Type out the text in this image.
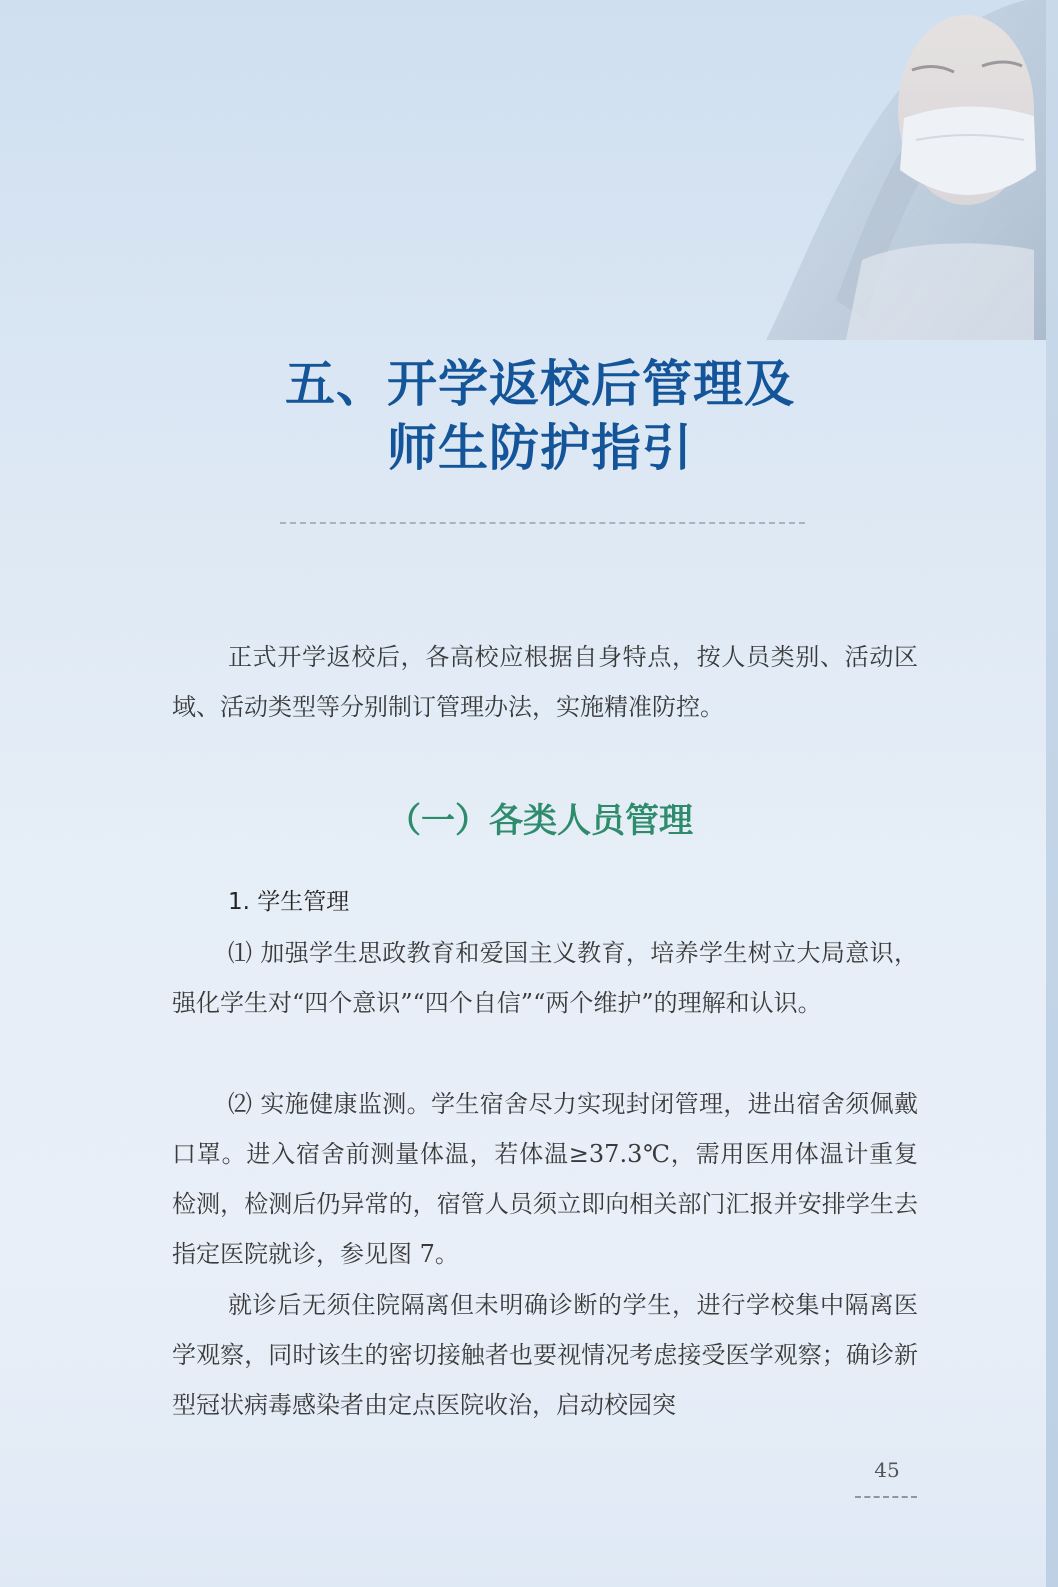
五、开学返校后管理及
师生防护指引

正式开学返校后，各高校应根据自身特点，按人员类别、活动区域、活动类型等分别制订管理办法，实施精准防控。

（一）各类人员管理
1. 学生管理

⑴ 加强学生思政教育和爱国主义教育，培养学生树立大局意识，强化学生对“四个意识”“四个自信”“两个维护”的理解和认识。

⑵ 实施健康监测。学生宿舍尽力实现封闭管理，进出宿舍须佩戴口罩。进入宿舍前测量体温，若体温≥37.3℃，需用医用体温计重复检测，检测后仍异常的，宿管人员须立即向相关部门汇报并安排学生去指定医院就诊，参见图 7。

就诊后无须住院隔离但未明确诊断的学生，进行学校集中隔离医学观察，同时该生的密切接触者也要视情况考虑接受医学观察；确诊新型冠状病毒感染者由定点医院收治，启动校园突

45
